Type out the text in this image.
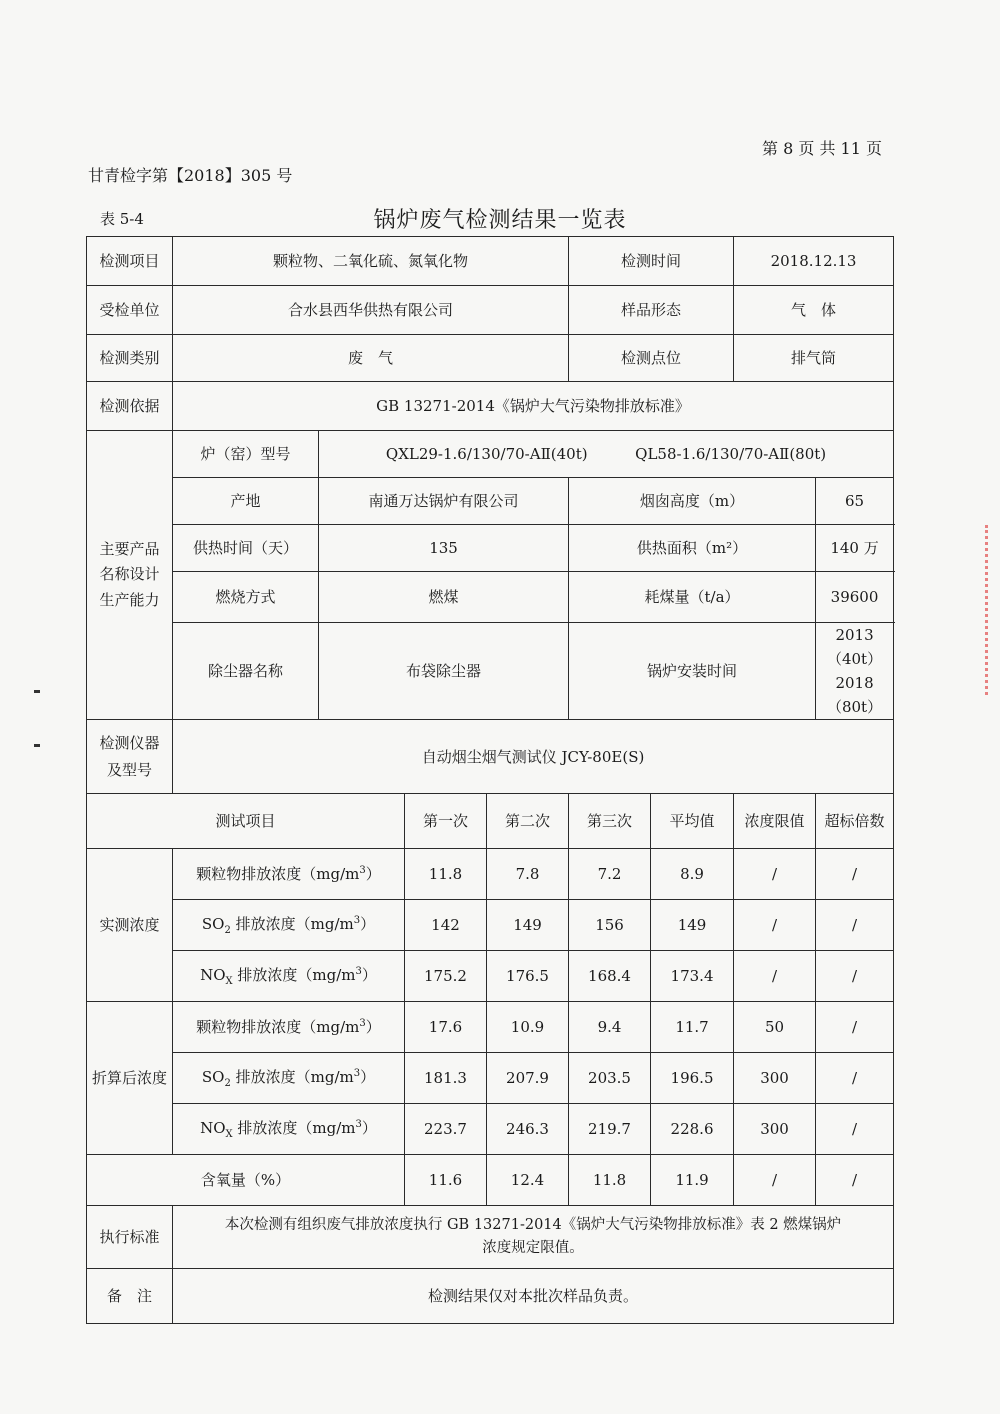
第 8 页 共 11 页
甘青检字第【2018】305 号
表 5-4	锅炉废气检测结果一览表
检测项目	颗粒物、二氧化硫、氮氧化物				检测时间		2018.12.13	
受检单位	合水县西华供热有限公司				样品形态		气　体	
检测类别	废　气				检测点位		排气筒	
检测依据	GB 13271-2014《锅炉大气污染物排放标准》							
主要产品名称设计生产能力	炉（窑）型号	QXL29-1.6/130/70-AⅡ(40t) QL58-1.6/130/70-AⅡ(80t)						
	产地	南通万达锅炉有限公司			烟囱高度（m）			65
	供热时间（天）	135			供热面积（m²）			140 万
	燃烧方式	燃煤			耗煤量（t/a）			39600
	除尘器名称	布袋除尘器			锅炉安装时间			2013（40t）
2018（80t）

检测仪器
及型号	自动烟尘烟气测试仪 JCY-80E(S)							
测试项目			第一次	第二次	第三次	平均值	浓度限值	超标倍数
实测浓度	颗粒物排放浓度$(mg/m^3)$		11.8	7.8	7.2	8.9	/	/
	$SO_2$ 排放浓度$(mg/m^3)$		142	149	156	149	/	/
	$NO_X$ 排放浓度$(mg/m^3)$		175.2	176.5	168.4	173.4	/	/
折算后浓度	颗粒物排放浓度$(mg/m^3)$		17.6	10.9	9.4	11.7	50	/
	$SO_2$ 排放浓度$(mg/m^3)$		181.3	207.9	203.5	196.5	300	/
	$NO_X$ 排放浓度$(mg/m^3)$		223.7	246.3	219.7	228.6	300	/
含氧量（%）			11.6	12.4	11.8	11.9	/	/
执行标准	本次检测有组织废气排放浓度执行 GB 13271-2014《锅炉大气污染物排放标准》表 2 燃煤锅炉
浓度规定限值。							

备　注	检测结果仅对本批次样品负责。							
